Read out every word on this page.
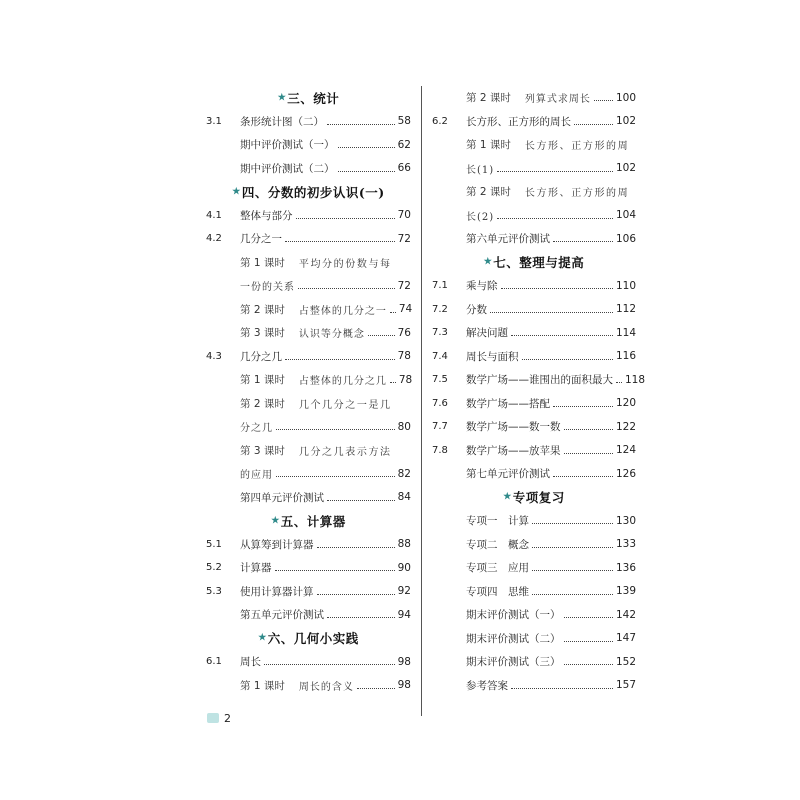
★ 三、统计
3.1	条形统计图（二）	58
期中评价测试（一）	62
期中评价测试（二）	66
★ 四、分数的初步认识(一)
4.1	整体与部分	70
4.2	几分之一	72
第 1 课时 平均分的份数与每
一份的关系	72
第 2 课时 占整体的几分之一 74
第 3 课时 认识等分概念	76
4.3	几分之几	78
第 1 课时 占整体的几分之几 78
第 2 课时 几个几分之一是几
分之几	80
第 3 课时 几分之几表示方法
的应用	82
第四单元评价测试	84
★ 五、计算器
5.1	从算筹到计算器	88
5.2	计算器	90
5.3	使用计算器计算	92
第五单元评价测试	94
★ 六、几何小实践
6.1	周长	98
第 1 课时 周长的含义	98
第 2 课时 列算式求周长 100
6.2	长方形、正方形的周长	102
第 1 课时 长方形、正方形的周
长(1)	102
第 2 课时 长方形、正方形的周
长(2)	104
第六单元评价测试	106
★ 七、整理与提高
7.1	乘与除	110
7.2	分数	112
7.3	解决问题	114
7.4	周长与面积	116
7.5	数学广场——谁围出的面积最大 118
7.6	数学广场——搭配	120
7.7	数学广场——数一数	122
7.8	数学广场——放苹果	124
第七单元评价测试	126
★ 专项复习
专项一　计算	130
专项二　概念	133
专项三　应用	136
专项四　思维	139
期末评价测试（一）	142
期末评价测试（二）	147
期末评价测试（三）	152
参考答案	157
2
